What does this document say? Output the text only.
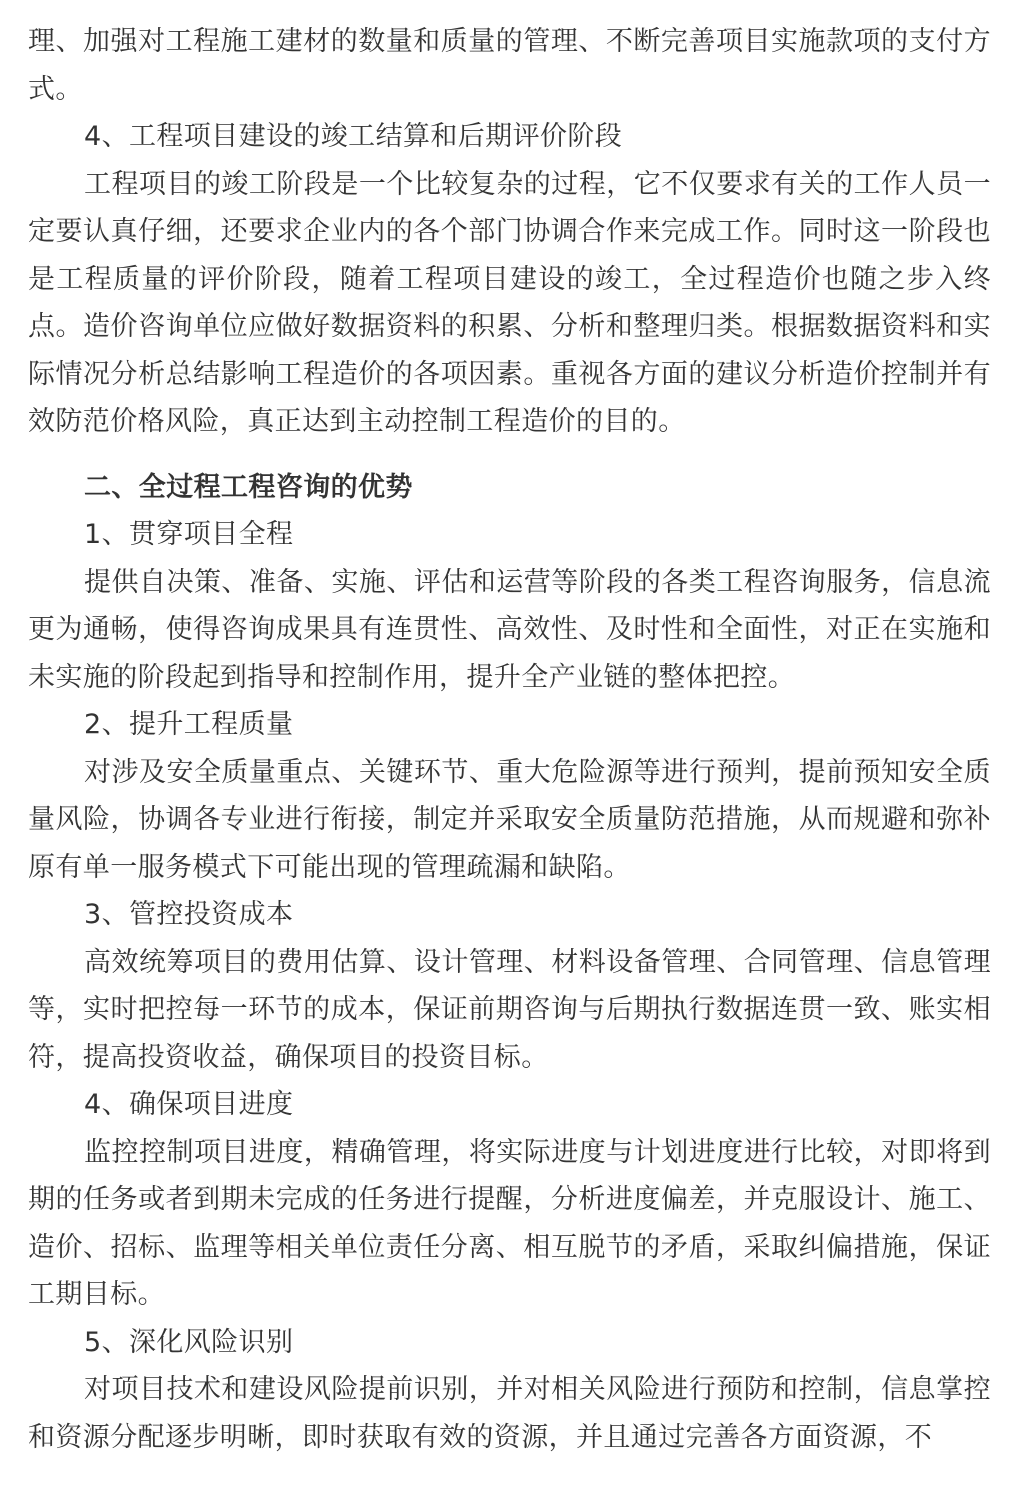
理、加强对工程施工建材的数量和质量的管理、不断完善项目实施款项的支付方式。

4、工程项目建设的竣工结算和后期评价阶段

工程项目的竣工阶段是一个比较复杂的过程，它不仅要求有关的工作人员一定要认真仔细，还要求企业内的各个部门协调合作来完成工作。同时这一阶段也是工程质量的评价阶段，随着工程项目建设的竣工，全过程造价也随之步入终点。造价咨询单位应做好数据资料的积累、分析和整理归类。根据数据资料和实际情况分析总结影响工程造价的各项因素。重视各方面的建议分析造价控制并有效防范价格风险，真正达到主动控制工程造价的目的。

二、全过程工程咨询的优势

1、贯穿项目全程

提供自决策、准备、实施、评估和运营等阶段的各类工程咨询服务，信息流更为通畅，使得咨询成果具有连贯性、高效性、及时性和全面性，对正在实施和未实施的阶段起到指导和控制作用，提升全产业链的整体把控。

2、提升工程质量

对涉及安全质量重点、关键环节、重大危险源等进行预判，提前预知安全质量风险，协调各专业进行衔接，制定并采取安全质量防范措施，从而规避和弥补原有单一服务模式下可能出现的管理疏漏和缺陷。

3、管控投资成本

高效统筹项目的费用估算、设计管理、材料设备管理、合同管理、信息管理等，实时把控每一环节的成本，保证前期咨询与后期执行数据连贯一致、账实相符，提高投资收益，确保项目的投资目标。

4、确保项目进度

监控控制项目进度，精确管理，将实际进度与计划进度进行比较，对即将到期的任务或者到期未完成的任务进行提醒，分析进度偏差，并克服设计、施工、造价、招标、监理等相关单位责任分离、相互脱节的矛盾，采取纠偏措施，保证工期目标。

5、深化风险识别

对项目技术和建设风险提前识别，并对相关风险进行预防和控制，信息掌控和资源分配逐步明晰，即时获取有效的资源，并且通过完善各方面资源，不
